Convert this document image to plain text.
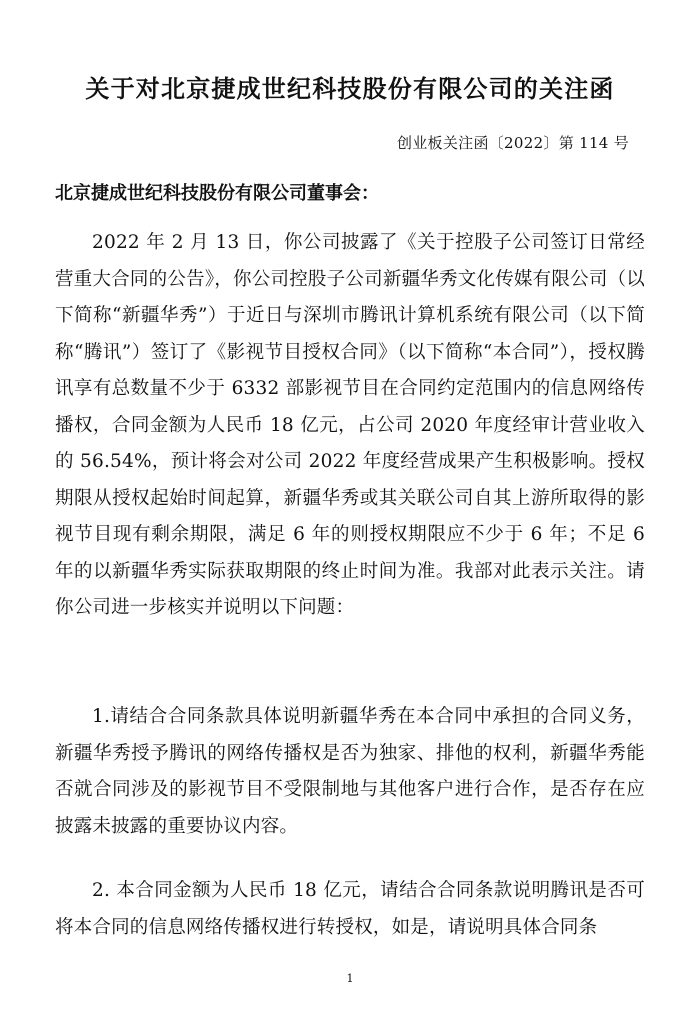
关于对北京捷成世纪科技股份有限公司的关注函
创业板关注函〔2022〕第 114 号
北京捷成世纪科技股份有限公司董事会：

2022 年 2 月 13 日，你公司披露了《关于控股子公司签订日常经营重大合同的公告》，你公司控股子公司新疆华秀文化传媒有限公司（以下简称“新疆华秀”）于近日与深圳市腾讯计算机系统有限公司（以下简称“腾讯”）签订了《影视节目授权合同》（以下简称“本合同”），授权腾讯享有总数量不少于 6332 部影视节目在合同约定范围内的信息网络传播权，合同金额为人民币 18 亿元，占公司 2020 年度经审计营业收入的 56.54%，预计将会对公司 2022 年度经营成果产生积极影响。授权期限从授权起始时间起算，新疆华秀或其关联公司自其上游所取得的影视节目现有剩余期限，满足 6 年的则授权期限应不少于 6 年；不足 6 年的以新疆华秀实际获取期限的终止时间为准。我部对此表示关注。请你公司进一步核实并说明以下问题：

1.请结合合同条款具体说明新疆华秀在本合同中承担的合同义务，新疆华秀授予腾讯的网络传播权是否为独家、排他的权利，新疆华秀能否就合同涉及的影视节目不受限制地与其他客户进行合作，是否存在应披露未披露的重要协议内容。

2. 本合同金额为人民币 18 亿元，请结合合同条款说明腾讯是否可将本合同的信息网络传播权进行转授权，如是，请说明具体合同条

1
